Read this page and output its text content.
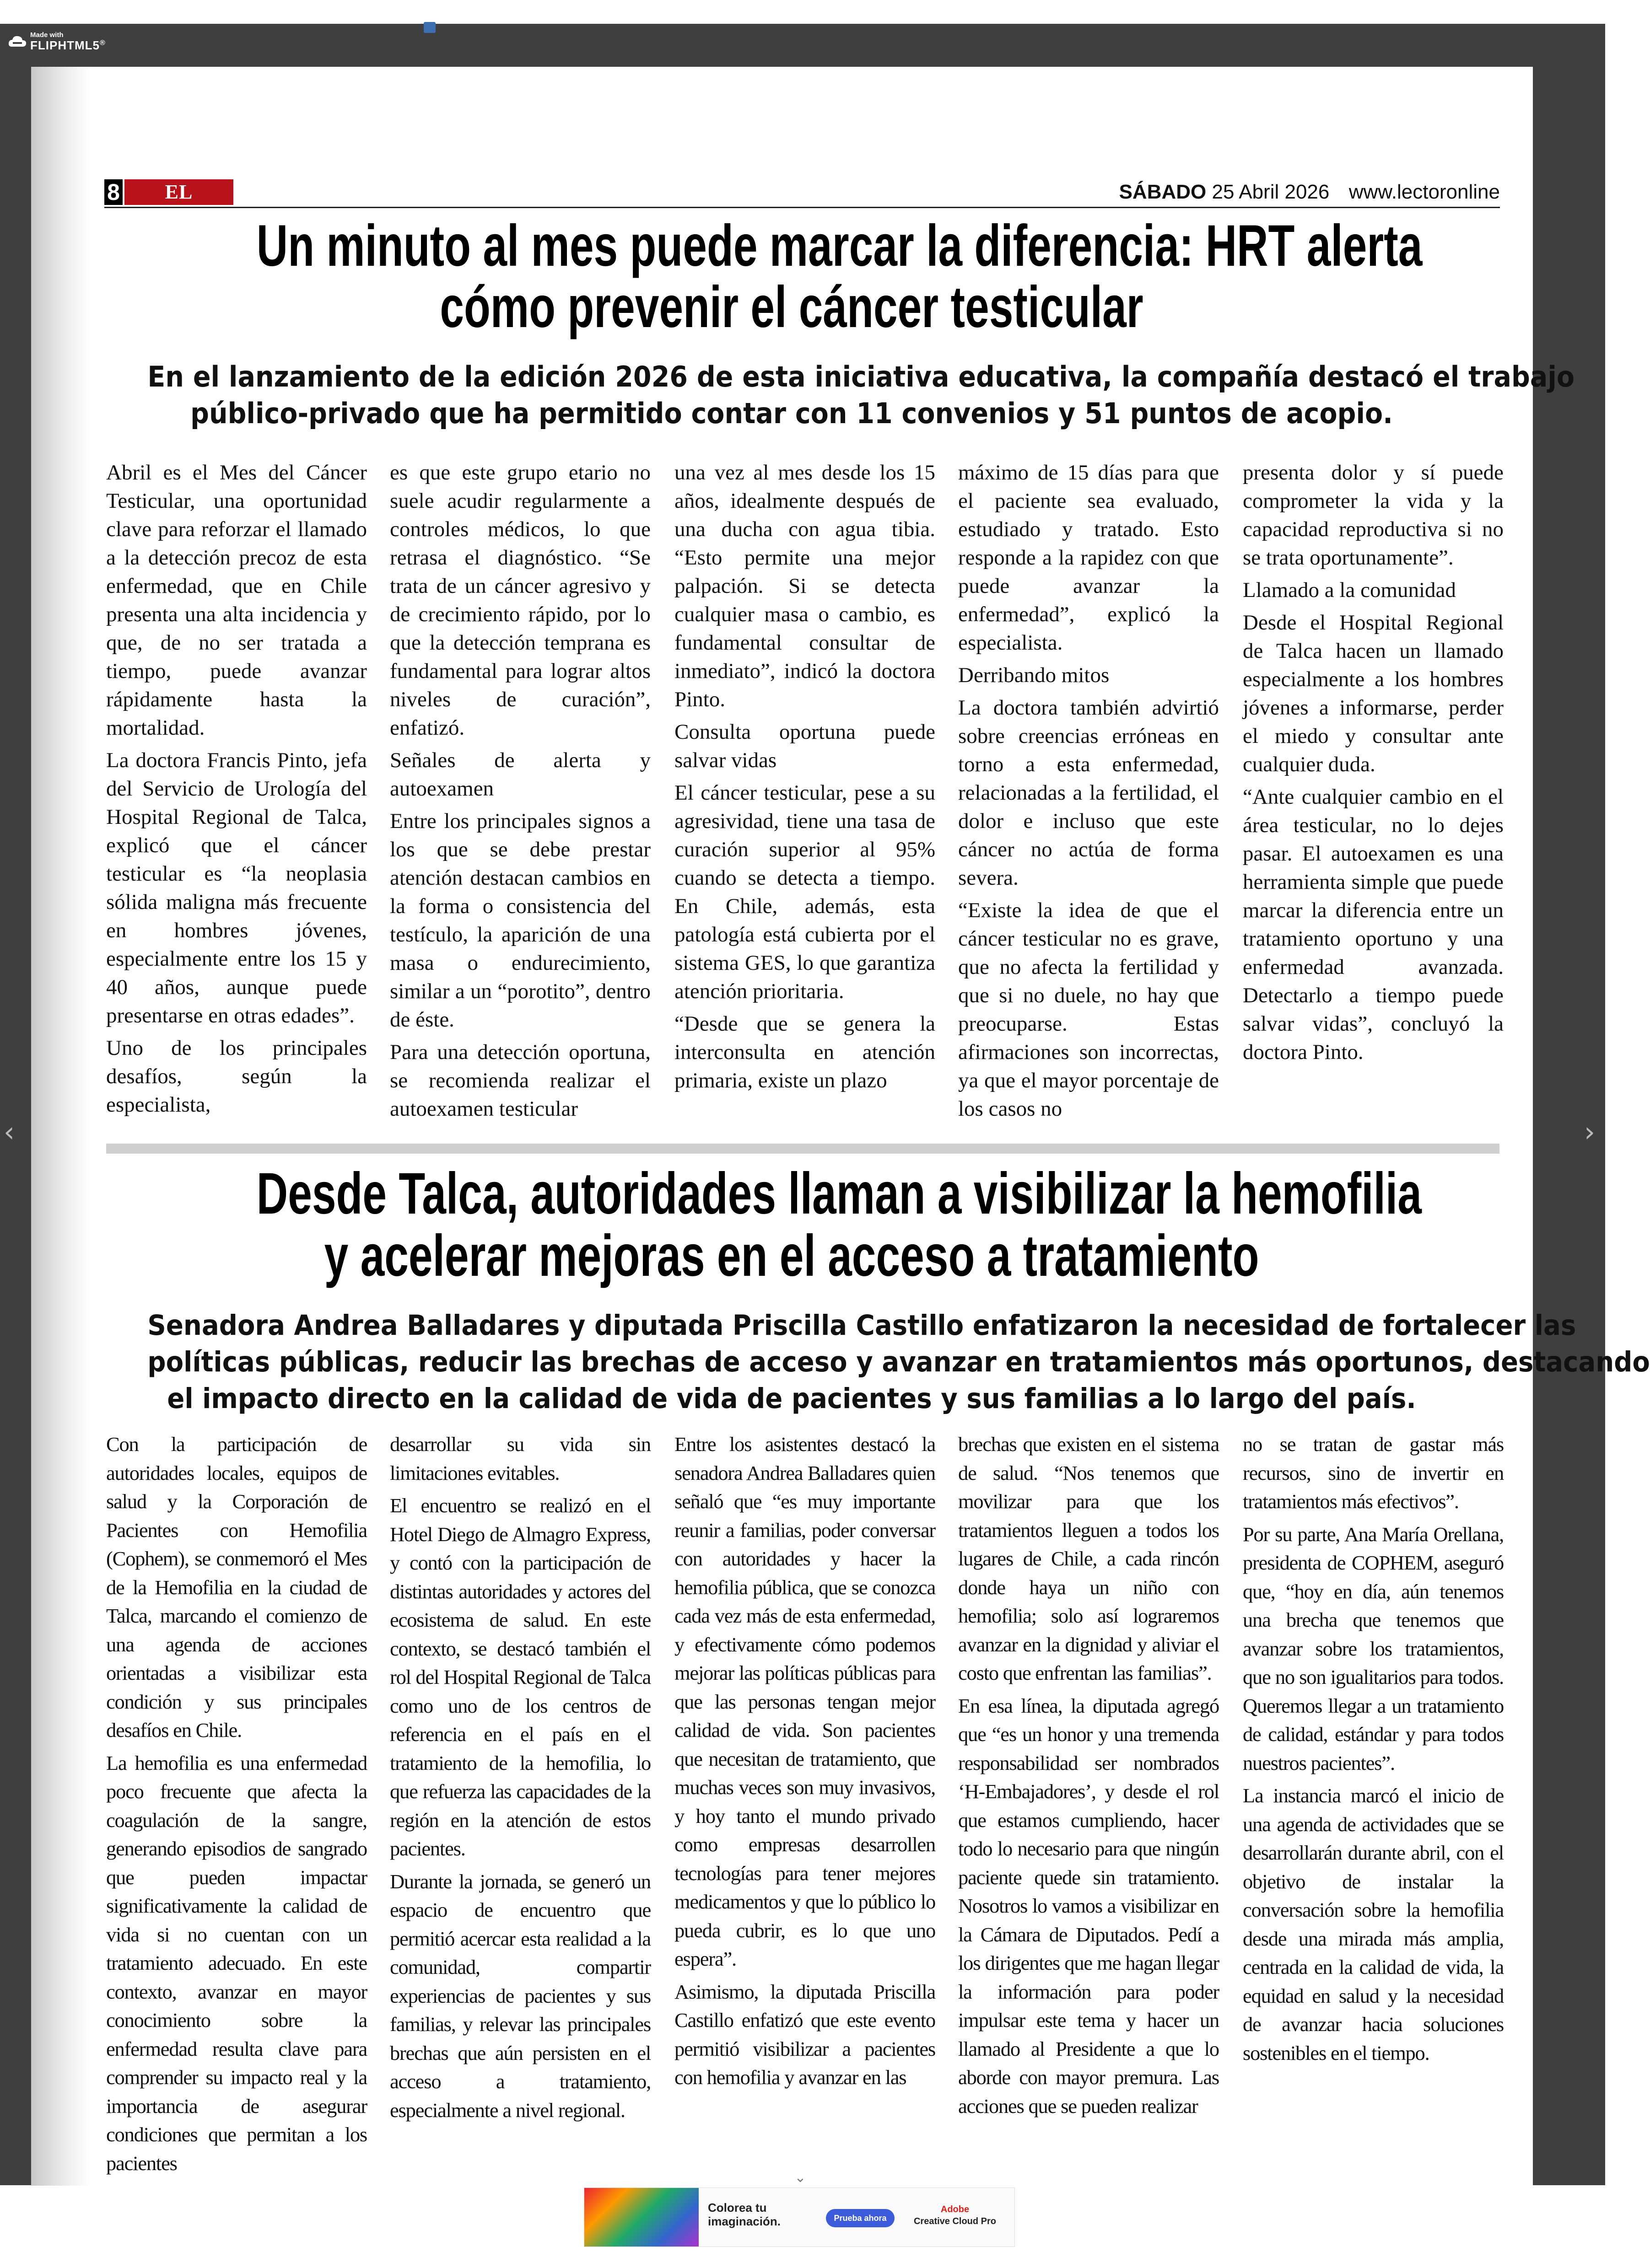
Made with
FLIPHTML5®
‹	›
8	EL LECTOR
SÁBADO 25 Abril 2026 www.lectoronline
Un minuto al mes puede marcar la diferencia: HRT alerta
cómo prevenir el cáncer testicular
En el lanzamiento de la edición 2026 de esta iniciativa educativa, la compañía destacó el trabajo
público-privado que ha permitido contar con 11 convenios y 51 puntos de acopio.

Abril es el Mes del Cáncer Testicular, una oportunidad clave para reforzar el llamado a la detección precoz de esta enfermedad, que en Chile presenta una alta incidencia y que, de no ser tratada a tiempo, puede avanzar rápidamente hasta la mortalidad.

La doctora Francis Pinto, jefa del Servicio de Urología del Hospital Regional de Talca, explicó que el cáncer testicular es “la neoplasia sólida maligna más frecuente en hombres jóvenes, especialmente entre los 15 y 40 años, aunque puede presentarse en otras edades”.

Uno de los principales desafíos, según la especialista,

es que este grupo etario no suele acudir regularmente a controles médicos, lo que retrasa el diagnóstico. “Se trata de un cáncer agresivo y de crecimiento rápido, por lo que la detección temprana es fundamental para lograr altos niveles de curación”, enfatizó.

Señales de alerta y autoexamen

Entre los principales signos a los que se debe prestar atención destacan cambios en la forma o consistencia del testículo, la aparición de una masa o endurecimiento, similar a un “porotito”, dentro de éste.

Para una detección oportuna, se recomienda realizar el autoexamen testicular

una vez al mes desde los 15 años, idealmente después de una ducha con agua tibia. “Esto permite una mejor palpación. Si se detecta cualquier masa o cambio, es fundamental consultar de inmediato”, indicó la doctora Pinto.

Consulta oportuna puede salvar vidas

El cáncer testicular, pese a su agresividad, tiene una tasa de curación superior al 95% cuando se detecta a tiempo. En Chile, además, esta patología está cubierta por el sistema GES, lo que garantiza atención prioritaria.

“Desde que se genera la interconsulta en atención primaria, existe un plazo

máximo de 15 días para que el paciente sea evaluado, estudiado y tratado. Esto responde a la rapidez con que puede avanzar la enfermedad”, explicó la especialista.

Derribando mitos

La doctora también advirtió sobre creencias erróneas en torno a esta enfermedad, relacionadas a la fertilidad, el dolor e incluso que este cáncer no actúa de forma severa.

“Existe la idea de que el cáncer testicular no es grave, que no afecta la fertilidad y que si no duele, no hay que preocuparse. Estas afirmaciones son incorrectas, ya que el mayor porcentaje de los casos no

presenta dolor y sí puede comprometer la vida y la capacidad reproductiva si no se trata oportunamente”.

Llamado a la comunidad

Desde el Hospital Regional de Talca hacen un llamado especialmente a los hombres jóvenes a informarse, perder el miedo y consultar ante cualquier duda.

“Ante cualquier cambio en el área testicular, no lo dejes pasar. El autoexamen es una herramienta simple que puede marcar la diferencia entre un tratamiento oportuno y una enfermedad avanzada. Detectarlo a tiempo puede salvar vidas”, concluyó la doctora Pinto.

Desde Talca, autoridades llaman a visibilizar la hemofilia
y acelerar mejoras en el acceso a tratamiento
Senadora Andrea Balladares y diputada Priscilla Castillo enfatizaron la necesidad de fortalecer las
políticas públicas, reducir las brechas de acceso y avanzar en tratamientos más oportunos, destacando
el impacto directo en la calidad de vida de pacientes y sus familias a lo largo del país.

Con la participación de autoridades locales, equipos de salud y la Corporación de Pacientes con Hemofilia (Cophem), se conmemoró el Mes de la Hemofilia en la ciudad de Talca, marcando el comienzo de una agenda de acciones orientadas a visibilizar esta condición y sus principales desafíos en Chile.

La hemofilia es una enfermedad poco frecuente que afecta la coagulación de la sangre, generando episodios de sangrado que pueden impactar significativamente la calidad de vida si no cuentan con un tratamiento adecuado. En este contexto, avanzar en mayor conocimiento sobre la enfermedad resulta clave para comprender su impacto real y la importancia de asegurar condiciones que permitan a los pacientes

desarrollar su vida sin limitaciones evitables.

El encuentro se realizó en el Hotel Diego de Almagro Express, y contó con la participación de distintas autoridades y actores del ecosistema de salud. En este contexto, se destacó también el rol del Hospital Regional de Talca como uno de los centros de referencia en el país en el tratamiento de la hemofilia, lo que refuerza las capacidades de la región en la atención de estos pacientes.

Durante la jornada, se generó un espacio de encuentro que permitió acercar esta realidad a la comunidad, compartir experiencias de pacientes y sus familias, y relevar las principales brechas que aún persisten en el acceso a tratamiento, especialmente a nivel regional.

Entre los asistentes destacó la senadora Andrea Balladares quien señaló que “es muy importante reunir a familias, poder conversar con autoridades y hacer la hemofilia pública, que se conozca cada vez más de esta enfermedad, y efectivamente cómo podemos mejorar las políticas públicas para que las personas tengan mejor calidad de vida. Son pacientes que necesitan de tratamiento, que muchas veces son muy invasivos, y hoy tanto el mundo privado como empresas desarrollen tecnologías para tener mejores medicamentos y que lo público lo pueda cubrir, es lo que uno espera”.

Asimismo, la diputada Priscilla Castillo enfatizó que este evento permitió visibilizar a pacientes con hemofilia y avanzar en las

brechas que existen en el sistema de salud. “Nos tenemos que movilizar para que los tratamientos lleguen a todos los lugares de Chile, a cada rincón donde haya un niño con hemofilia; solo así lograremos avanzar en la dignidad y aliviar el costo que enfrentan las familias”.

En esa línea, la diputada agregó que “es un honor y una tremenda responsabilidad ser nombrados ‘H-Embajadores’, y desde el rol que estamos cumpliendo, hacer todo lo necesario para que ningún paciente quede sin tratamiento. Nosotros lo vamos a visibilizar en la Cámara de Diputados. Pedí a los dirigentes que me hagan llegar la información para poder impulsar este tema y hacer un llamado al Presidente a que lo aborde con mayor premura. Las acciones que se pueden realizar

no se tratan de gastar más recursos, sino de invertir en tratamientos más efectivos”.

Por su parte, Ana María Orellana, presidenta de COPHEM, aseguró que, “hoy en día, aún tenemos una brecha que tenemos que avanzar sobre los tratamientos, que no son igualitarios para todos. Queremos llegar a un tratamiento de calidad, estándar y para todos nuestros pacientes”.

La instancia marcó el inicio de una agenda de actividades que se desarrollarán durante abril, con el objetivo de instalar la conversación sobre la hemofilia desde una mirada más amplia, centrada en la calidad de vida, la equidad en salud y la necesidad de avanzar hacia soluciones sostenibles en el tiempo.

⌄
Colorea tu imaginación.	Prueba ahora
Adobe
Creative Cloud Pro
